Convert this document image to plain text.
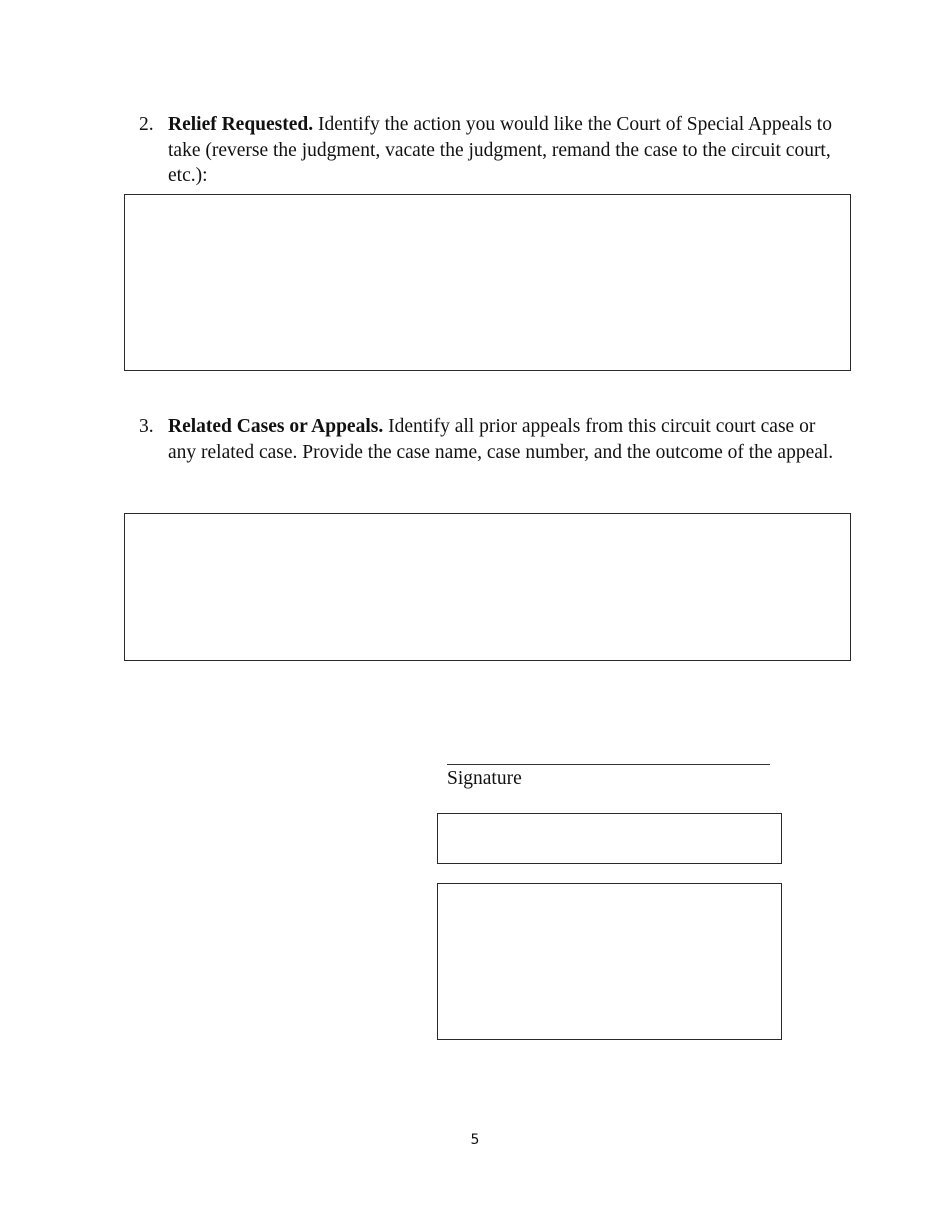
2. Relief Requested. Identify the action you would like the Court of Special Appeals to take (reverse the judgment, vacate the judgment, remand the case to the circuit court, etc.):
3. Related Cases or Appeals. Identify all prior appeals from this circuit court case or any related case. Provide the case name, case number, and the outcome of the appeal.
Signature
5
